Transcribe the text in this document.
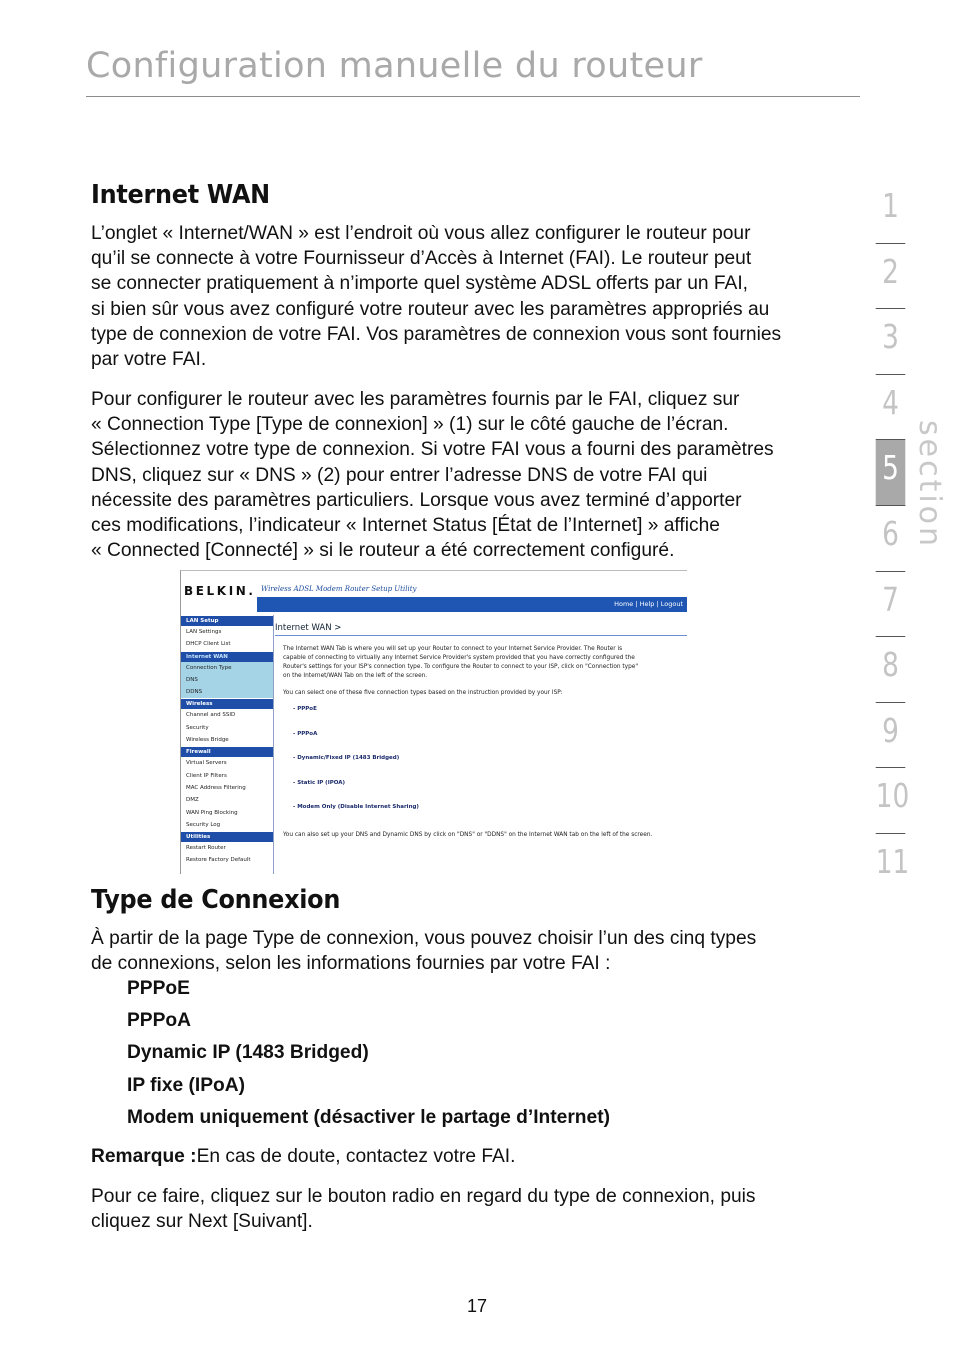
Configuration manuelle du routeur
Internet WAN

L’onglet « Internet/WAN » est l’endroit où vous allez configurer le routeur pour

qu’il se connecte à votre Fournisseur d’Accès à Internet (FAI). Le routeur peut

se connecter pratiquement à n’importe quel système ADSL offerts par un FAI,

si bien sûr vous avez configuré votre routeur avec les paramètres appropriés au

type de connexion de votre FAI. Vos paramètres de connexion vous sont fournies

par votre FAI.

Pour configurer le routeur avec les paramètres fournis par le FAI, cliquez sur

« Connection Type [Type de connexion] » (1) sur le côté gauche de l’écran.

Sélectionnez votre type de connexion. Si votre FAI vous a fourni des paramètres

DNS, cliquez sur « DNS » (2) pour entrer l’adresse DNS de votre FAI qui

nécessite des paramètres particuliers. Lorsque vous avez terminé d’apporter

ces modifications, l’indicateur « Internet Status [État de l’Internet] » affiche

« Connected [Connecté] » si le routeur a été correctement configuré.

BELKIN. Wireless ADSL Modem Router Setup Utility
Home | Help | Logout
LAN Setup
LAN Settings
DHCP Client List
Internet WAN
Connection Type
DNS
DDNS
Wireless
Channel and SSID
Security
Wireless Bridge
Firewall
Virtual Servers
Client IP Filters
MAC Address Filtering
DMZ
WAN Ping Blocking
Security Log
Utilities
Restart Router
Restore Factory Default
Internet WAN >
The Internet WAN Tab is where you will set up your Router to connect to your Internet Service Provider. The Router is capable of connecting to virtually any Internet Service Provider's system provided that you have correctly configured the Router's settings for your ISP's connection type. To configure the Router to connect to your ISP, click on "Connection type" on the Internet/WAN Tab on the left of the screen.
You can select one of these five connection types based on the instruction provided by your ISP:
- PPPoE
- PPPoA
- Dynamic/Fixed IP (1483 Bridged)
- Static IP (IPOA)
- Modem Only (Disable Internet Sharing)
You can also set up your DNS and Dynamic DNS by click on "DNS" or "DDNS" on the Internet WAN tab on the left of the screen.
Type de Connexion

À partir de la page Type de connexion, vous pouvez choisir l’un des cinq types

de connexions, selon les informations fournies par votre FAI :

PPPoE
PPPoA
Dynamic IP (1483 Bridged)
IP fixe (IPoA)
Modem uniquement (désactiver le partage d’Internet)
Remarque :En cas de doute, contactez votre FAI.

Pour ce faire, cliquez sur le bouton radio en regard du type de connexion, puis

cliquez sur Next [Suivant].

1
2
3
4
5
6
7
8
9
10
11
section
17
